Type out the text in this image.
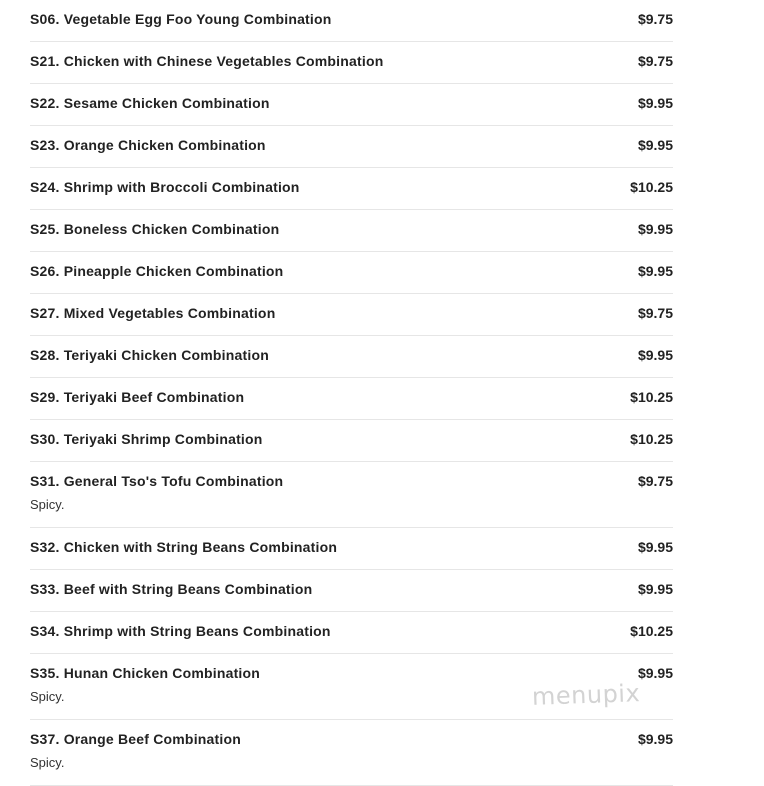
S06. Vegetable Egg Foo Young Combination	$9.75
S21. Chicken with Chinese Vegetables Combination	$9.75
S22. Sesame Chicken Combination	$9.95
S23. Orange Chicken Combination	$9.95
S24. Shrimp with Broccoli Combination	$10.25
S25. Boneless Chicken Combination	$9.95
S26. Pineapple Chicken Combination	$9.95
S27. Mixed Vegetables Combination	$9.75
S28. Teriyaki Chicken Combination	$9.95
S29. Teriyaki Beef Combination	$10.25
S30. Teriyaki Shrimp Combination	$10.25
S31. General Tso's Tofu Combination	$9.75
Spicy.
S32. Chicken with String Beans Combination	$9.95
S33. Beef with String Beans Combination	$9.95
S34. Shrimp with String Beans Combination	$10.25
S35. Hunan Chicken Combination	$9.95
Spicy.
S37. Orange Beef Combination	$9.95
Spicy.
menupix
